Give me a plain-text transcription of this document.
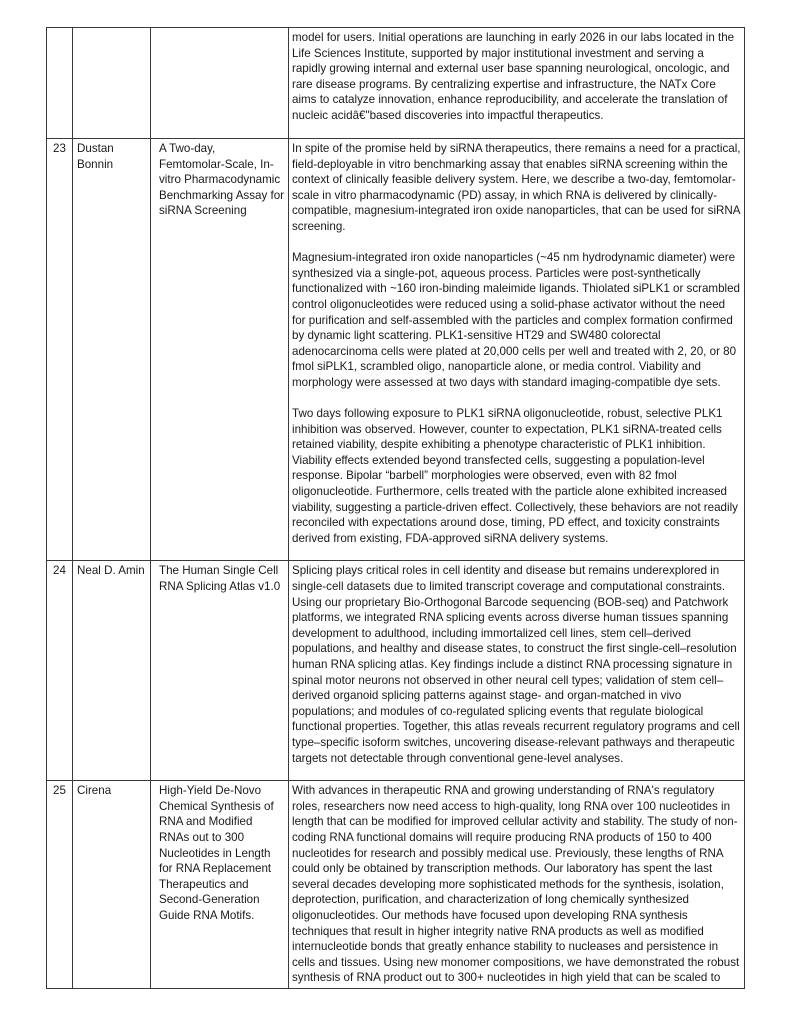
			model for users. Initial operations are launching in early 2026 in our labs located in the Life Sciences Institute, supported by major institutional investment and serving a rapidly growing internal and external user base spanning neurological, oncologic, and rare disease programs. By centralizing expertise and infrastructure, the NATx Core aims to catalyze innovation, enhance reproducibility, and accelerate the translation of nucleic acidâ€"based discoveries into impactful therapeutics.

23	Dustan Bonnin	A Two-day, Femtomolar-Scale, In-vitro Pharmacodynamic Benchmarking Assay for siRNA Screening	In spite of the promise held by siRNA therapeutics, there remains a need for a practical, field-deployable in vitro benchmarking assay that enables siRNA screening within the context of clinically feasible delivery system. Here, we describe a two-day, femtomolar-scale in vitro pharmacodynamic (PD) assay, in which RNA is delivered by clinically-compatible, magnesium-integrated iron oxide nanoparticles, that can be used for siRNA screening.

Magnesium-integrated iron oxide nanoparticles (~45 nm hydrodynamic diameter) were synthesized via a single-pot, aqueous process. Particles were post-synthetically functionalized with ~160 iron-binding maleimide ligands. Thiolated siPLK1 or scrambled control oligonucleotides were reduced using a solid-phase activator without the need for purification and self-assembled with the particles and complex formation confirmed by dynamic light scattering. PLK1-sensitive HT29 and SW480 colorectal adenocarcinoma cells were plated at 20,000 cells per well and treated with 2, 20, or 80 fmol siPLK1, scrambled oligo, nanoparticle alone, or media control. Viability and morphology were assessed at two days with standard imaging-compatible dye sets.

Two days following exposure to PLK1 siRNA oligonucleotide, robust, selective PLK1 inhibition was observed. However, counter to expectation, PLK1 siRNA-treated cells retained viability, despite exhibiting a phenotype characteristic of PLK1 inhibition. Viability effects extended beyond transfected cells, suggesting a population-level response. Bipolar “barbell” morphologies were observed, even with 82 fmol oligonucleotide. Furthermore, cells treated with the particle alone exhibited increased viability, suggesting a particle-driven effect. Collectively, these behaviors are not readily reconciled with expectations around dose, timing, PD effect, and toxicity constraints derived from existing, FDA-approved siRNA delivery systems.

24	Neal D. Amin	The Human Single Cell RNA Splicing Atlas v1.0	Splicing plays critical roles in cell identity and disease but remains underexplored in single-cell datasets due to limited transcript coverage and computational constraints. Using our proprietary Bio-Orthogonal Barcode sequencing (BOB-seq) and Patchwork platforms, we integrated RNA splicing events across diverse human tissues spanning development to adulthood, including immortalized cell lines, stem cell–derived populations, and healthy and disease states, to construct the first single-cell–resolution human RNA splicing atlas. Key findings include a distinct RNA processing signature in spinal motor neurons not observed in other neural cell types; validation of stem cell–derived organoid splicing patterns against stage- and organ-matched in vivo populations; and modules of co-regulated splicing events that regulate biological functional properties. Together, this atlas reveals recurrent regulatory programs and cell type–specific isoform switches, uncovering disease-relevant pathways and therapeutic targets not detectable through conventional gene-level analyses.

25	Cirena	High-Yield De-Novo Chemical Synthesis of RNA and Modified RNAs out to 300 Nucleotides in Length for RNA Replacement Therapeutics and Second-Generation Guide RNA Motifs.	With advances in therapeutic RNA and growing understanding of RNA's regulatory roles, researchers now need access to high-quality, long RNA over 100 nucleotides in length that can be modified for improved cellular activity and stability. The study of non-coding RNA functional domains will require producing RNA products of 150 to 400 nucleotides for research and possibly medical use. Previously, these lengths of RNA could only be obtained by transcription methods. Our laboratory has spent the last several decades developing more sophisticated methods for the synthesis, isolation, deprotection, purification, and characterization of long chemically synthesized oligonucleotides. Our methods have focused upon developing RNA synthesis techniques that result in higher integrity native RNA products as well as modified internucleotide bonds that greatly enhance stability to nucleases and persistence in cells and tissues. Using new monomer compositions, we have demonstrated the robust synthesis of RNA product out to 300+ nucleotides in high yield that can be scaled to
